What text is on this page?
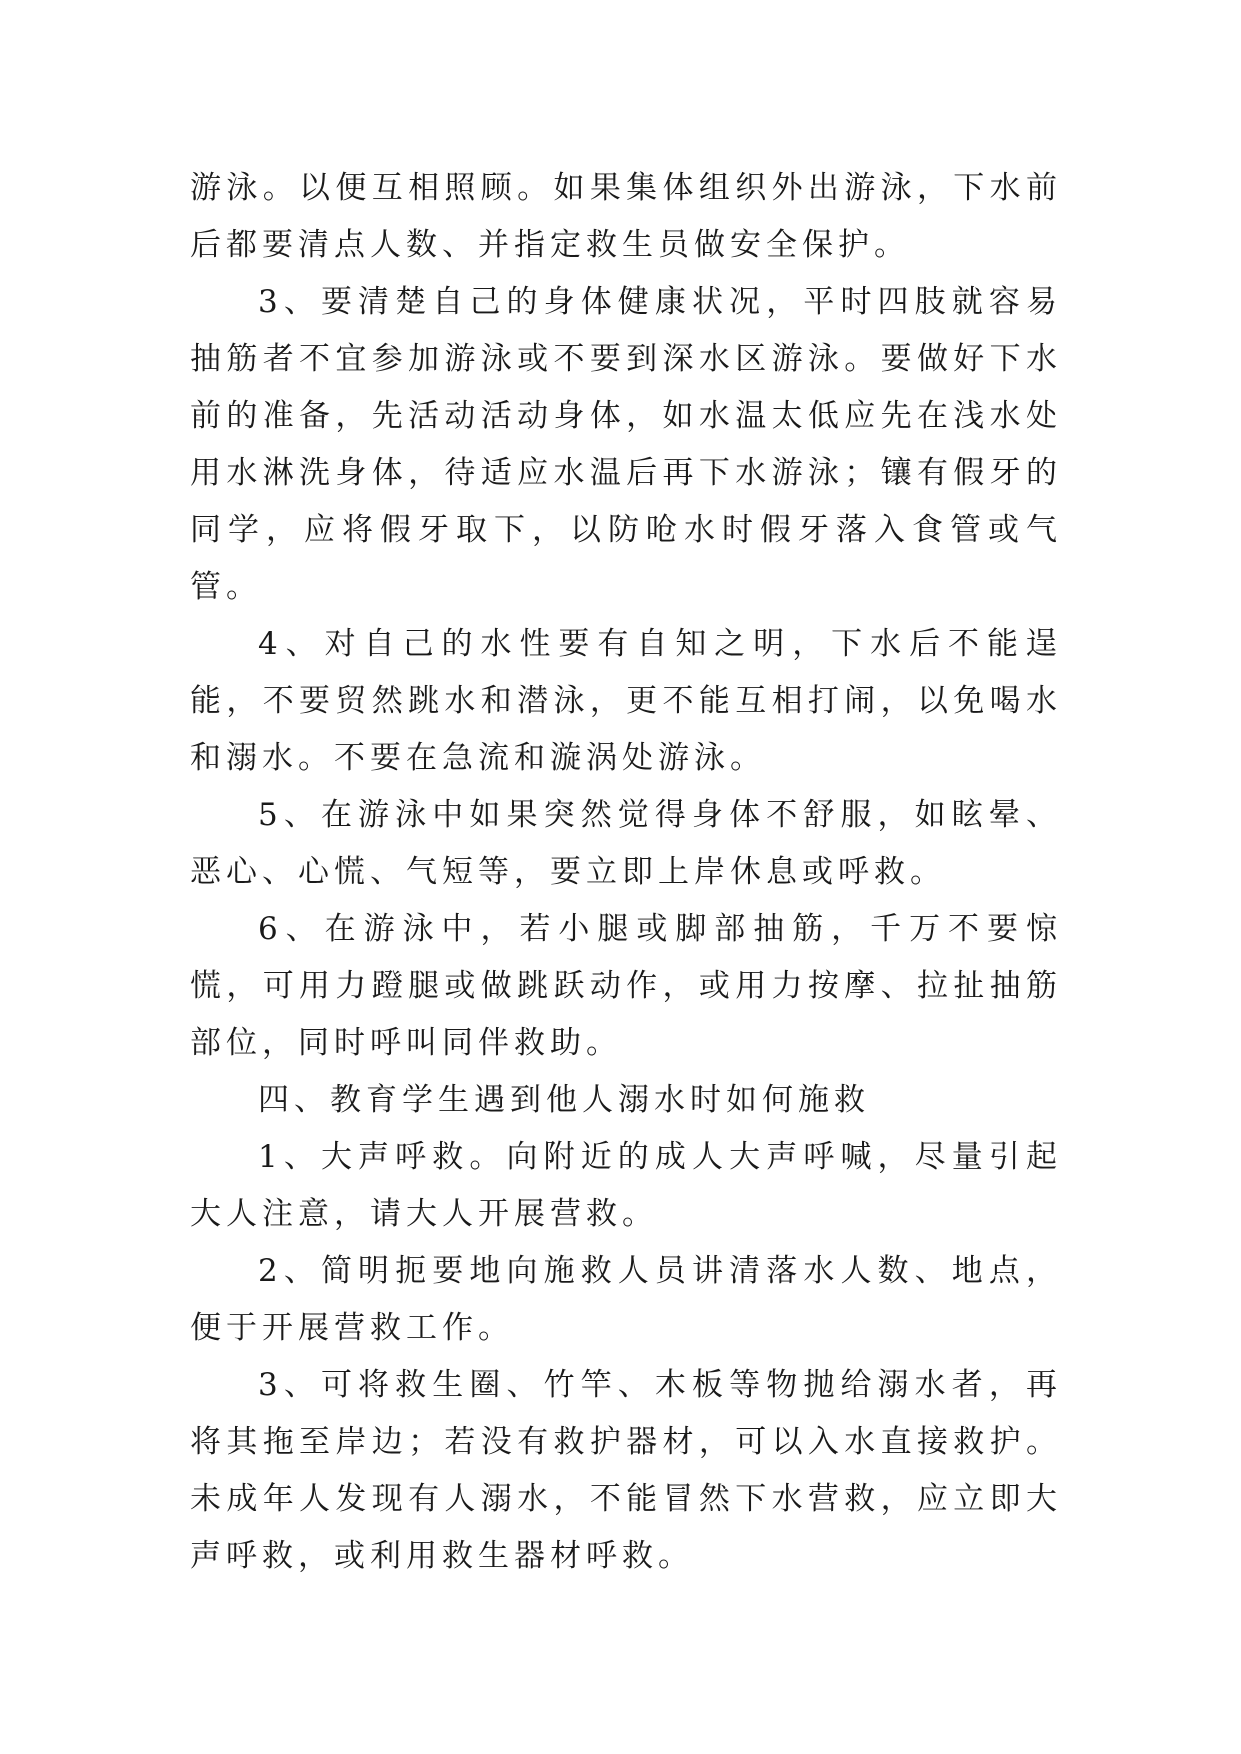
游泳。以便互相照顾。如果集体组织外出游泳，下水前后都要清点人数、并指定救生员做安全保护。

3、要清楚自己的身体健康状况，平时四肢就容易抽筋者不宜参加游泳或不要到深水区游泳。要做好下水前的准备，先活动活动身体，如水温太低应先在浅水处用水淋洗身体，待适应水温后再下水游泳；镶有假牙的同学，应将假牙取下，以防呛水时假牙落入食管或气管。

4、对自己的水性要有自知之明，下水后不能逞能，不要贸然跳水和潜泳，更不能互相打闹，以免喝水和溺水。不要在急流和漩涡处游泳。

5、在游泳中如果突然觉得身体不舒服，如眩晕、恶心、心慌、气短等，要立即上岸休息或呼救。

6、在游泳中，若小腿或脚部抽筋，千万不要惊慌，可用力蹬腿或做跳跃动作，或用力按摩、拉扯抽筋部位，同时呼叫同伴救助。

四、教育学生遇到他人溺水时如何施救

1、大声呼救。向附近的成人大声呼喊，尽量引起大人注意，请大人开展营救。

2、简明扼要地向施救人员讲清落水人数、地点，便于开展营救工作。

3、可将救生圈、竹竿、木板等物抛给溺水者，再将其拖至岸边；若没有救护器材，可以入水直接救护。未成年人发现有人溺水，不能冒然下水营救，应立即大声呼救，或利用救生器材呼救。
